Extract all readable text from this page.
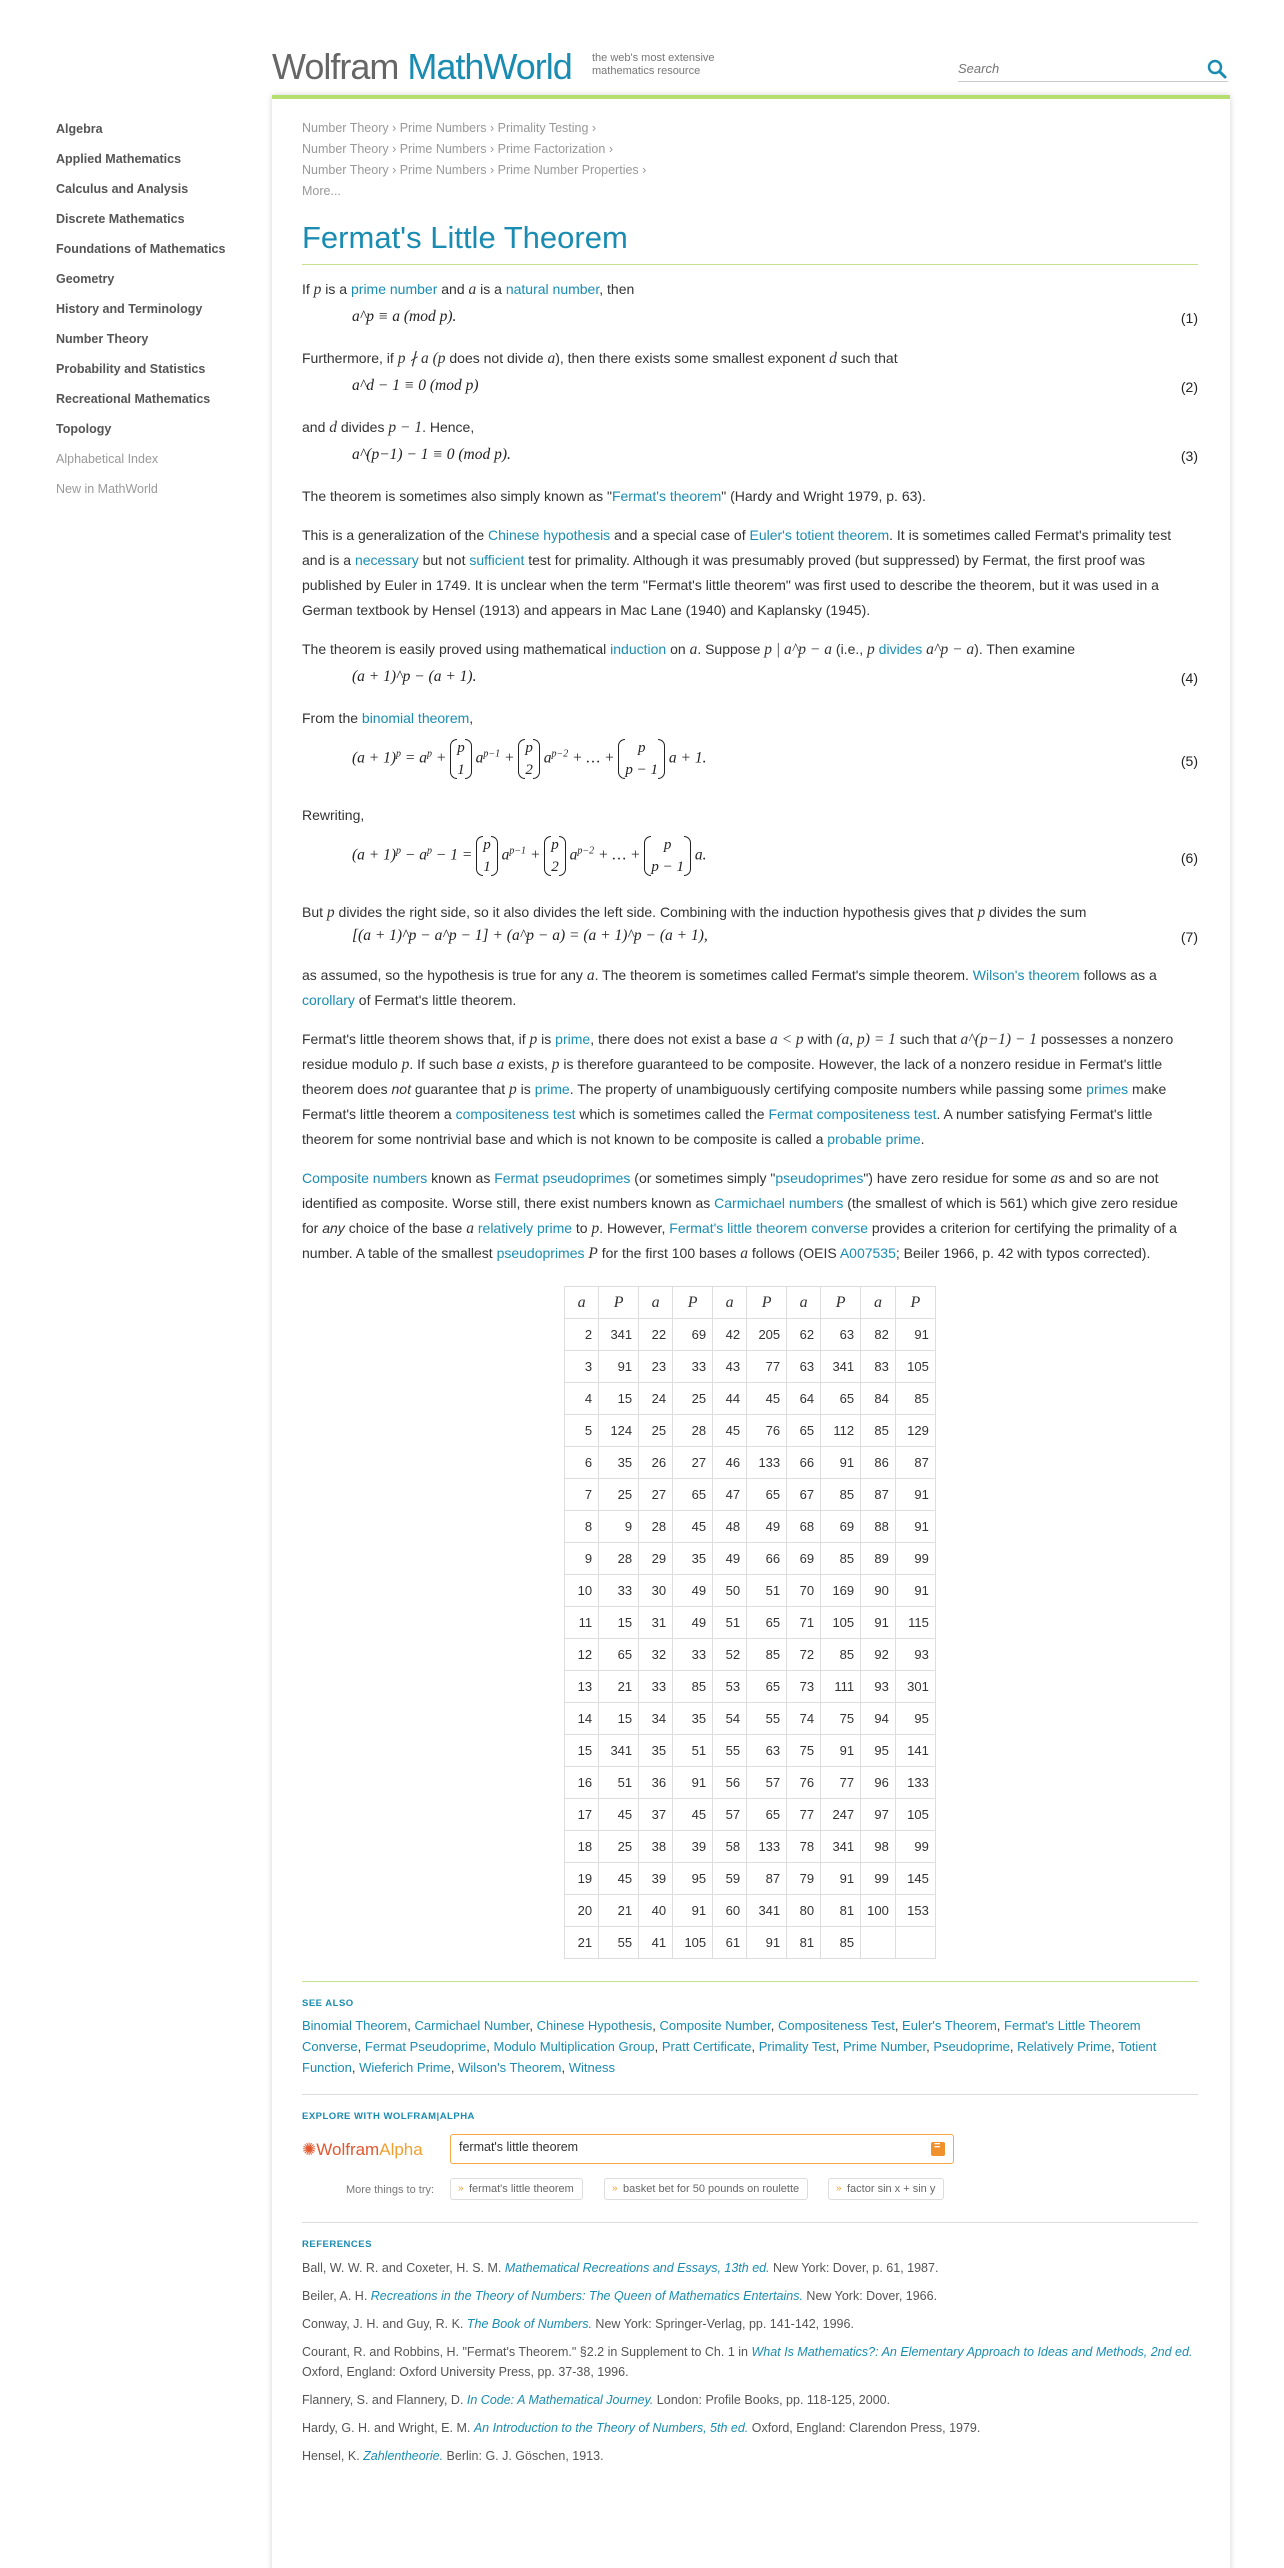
Wolfram MathWorld the web's most extensive mathematics resource
Search
Algebra
Applied Mathematics
Calculus and Analysis
Discrete Mathematics
Foundations of Mathematics
Geometry
History and Terminology
Number Theory
Probability and Statistics
Recreational Mathematics
Topology
Alphabetical Index
New in MathWorld
Number Theory › Prime Numbers › Primality Testing ›
Number Theory › Prime Numbers › Prime Factorization ›
Number Theory › Prime Numbers › Prime Number Properties ›
More...
Fermat's Little Theorem
If p is a prime number and a is a natural number, then
a^p ≡ a (mod p).	(1)
Furthermore, if p ∤ a (p does not divide a), then there exists some smallest exponent d such that
a^d − 1 ≡ 0 (mod p)	(2)
and d divides p − 1. Hence,
a^(p−1) − 1 ≡ 0 (mod p).	(3)
The theorem is sometimes also simply known as "Fermat's theorem" (Hardy and Wright 1979, p. 63).
This is a generalization of the Chinese hypothesis and a special case of Euler's totient theorem. It is sometimes called Fermat's primality test and is a necessary but not sufficient test for primality. Although it was presumably proved (but suppressed) by Fermat, the first proof was published by Euler in 1749. It is unclear when the term "Fermat's little theorem" was first used to describe the theorem, but it was used in a German textbook by Hensel (1913) and appears in Mac Lane (1940) and Kaplansky (1945).
The theorem is easily proved using mathematical induction on a. Suppose p | a^p − a (i.e., p divides a^p − a). Then examine
(a + 1)^p − (a + 1).	(4)
From the binomial theorem,
$(a + 1)^p = a^p$ +
p
1
$a^{p-1}$ +
p
2
$a^{p-2}$ + … +
p
p − 1
a + 1.	(5)
Rewriting,
$(a + 1)^p - a^p - 1$ =
p
1
$a^{p-1}$ +
p
2
$a^{p-2}$ + … +
p
p − 1
a.	(6)
But p divides the right side, so it also divides the left side. Combining with the induction hypothesis gives that p divides the sum
[(a + 1)^p − a^p − 1] + (a^p − a) = (a + 1)^p − (a + 1),	(7)
as assumed, so the hypothesis is true for any a. The theorem is sometimes called Fermat's simple theorem. Wilson's theorem follows as a corollary of Fermat's little theorem.
Fermat's little theorem shows that, if p is prime, there does not exist a base a < p with (a, p) = 1 such that a^(p−1) − 1 possesses a nonzero residue modulo p. If such base a exists, p is therefore guaranteed to be composite. However, the lack of a nonzero residue in Fermat's little theorem does not guarantee that p is prime. The property of unambiguously certifying composite numbers while passing some primes make Fermat's little theorem a compositeness test which is sometimes called the Fermat compositeness test. A number satisfying Fermat's little theorem for some nontrivial base and which is not known to be composite is called a probable prime.
Composite numbers known as Fermat pseudoprimes (or sometimes simply "pseudoprimes") have zero residue for some as and so are not identified as composite. Worse still, there exist numbers known as Carmichael numbers (the smallest of which is 561) which give zero residue for any choice of the base a relatively prime to p. However, Fermat's little theorem converse provides a criterion for certifying the primality of a number. A table of the smallest pseudoprimes P for the first 100 bases a follows (OEIS A007535; Beiler 1966, p. 42 with typos corrected).
a	P	a	P	a	P	a	P	a	P
2	341	22	69	42	205	62	63	82	91
3	91	23	33	43	77	63	341	83	105
4	15	24	25	44	45	64	65	84	85
5	124	25	28	45	76	65	112	85	129
6	35	26	27	46	133	66	91	86	87
7	25	27	65	47	65	67	85	87	91
8	9	28	45	48	49	68	69	88	91
9	28	29	35	49	66	69	85	89	99
10	33	30	49	50	51	70	169	90	91
11	15	31	49	51	65	71	105	91	115
12	65	32	33	52	85	72	85	92	93
13	21	33	85	53	65	73	111	93	301
14	15	34	35	54	55	74	75	94	95
15	341	35	51	55	63	75	91	95	141
16	51	36	91	56	57	76	77	96	133
17	45	37	45	57	65	77	247	97	105
18	25	38	39	58	133	78	341	98	99
19	45	39	95	59	87	79	91	99	145
20	21	40	91	60	341	80	81	100	153
21	55	41	105	61	91	81	85		
SEE ALSO
Binomial Theorem, Carmichael Number, Chinese Hypothesis, Composite Number, Compositeness Test, Euler's Theorem, Fermat's Little Theorem Converse, Fermat Pseudoprime, Modulo Multiplication Group, Pratt Certificate, Primality Test, Prime Number, Pseudoprime, Relatively Prime, Totient Function, Wieferich Prime, Wilson's Theorem, Witness
EXPLORE WITH WOLFRAM|ALPHA
✺WolframAlpha
fermat's little theorem
=
More things to try:	» fermat's little theorem	» basket bet for 50 pounds on roulette	» factor sin x + sin y
REFERENCES
Ball, W. W. R. and Coxeter, H. S. M. Mathematical Recreations and Essays, 13th ed. New York: Dover, p. 61, 1987.
Beiler, A. H. Recreations in the Theory of Numbers: The Queen of Mathematics Entertains. New York: Dover, 1966.
Conway, J. H. and Guy, R. K. The Book of Numbers. New York: Springer-Verlag, pp. 141-142, 1996.
Courant, R. and Robbins, H. "Fermat's Theorem." §2.2 in Supplement to Ch. 1 in What Is Mathematics?: An Elementary Approach to Ideas and Methods, 2nd ed. Oxford, England: Oxford University Press, pp. 37-38, 1996.
Flannery, S. and Flannery, D. In Code: A Mathematical Journey. London: Profile Books, pp. 118-125, 2000.
Hardy, G. H. and Wright, E. M. An Introduction to the Theory of Numbers, 5th ed. Oxford, England: Clarendon Press, 1979.
Hensel, K. Zahlentheorie. Berlin: G. J. Göschen, 1913.
